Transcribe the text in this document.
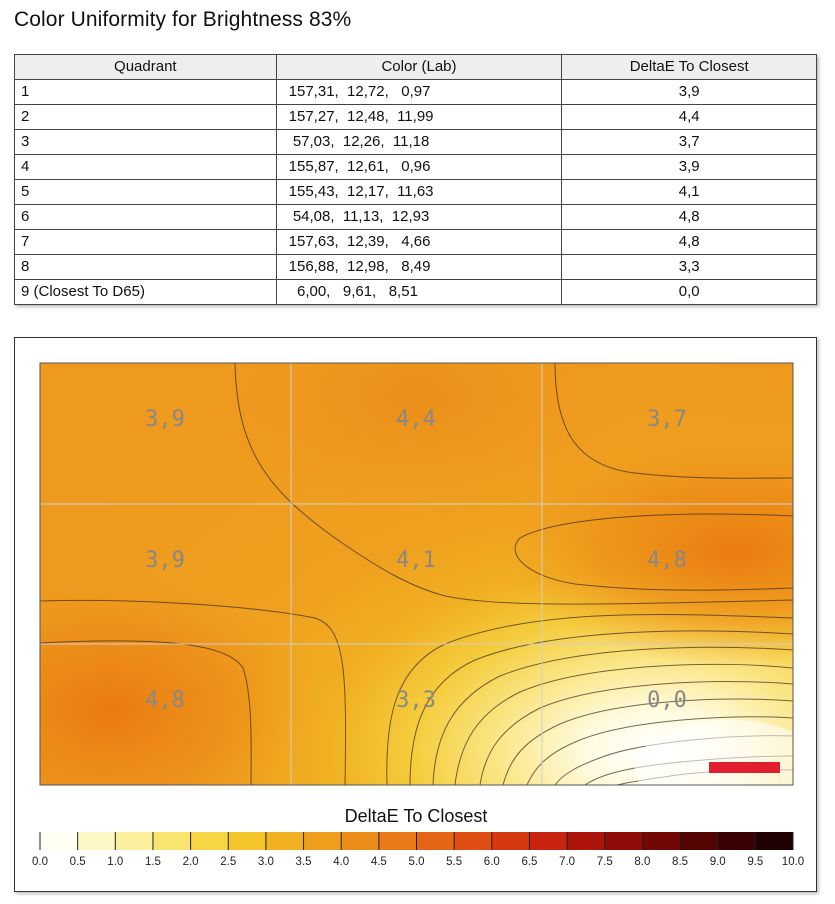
Color Uniformity for Brightness 83%
Quadrant	Color (Lab)	DeltaE To Closest
1	157,31,  12,72,   0,97	3,9
2	157,27,  12,48,  11,99	4,4
3	57,03,  12,26,  11,18	3,7
4	155,87,  12,61,   0,96	3,9
5	155,43,  12,17,  11,63	4,1
6	54,08,  11,13,  12,93	4,8
7	157,63,  12,39,   4,66	4,8
8	156,88,  12,98,   8,49	3,3
9 (Closest To D65)	6,00,   9,61,   8,51	0,0
3,9	4,4	3,7
3,9	4,1	4,8
4,8	3,3	0,0
DeltaE To Closest
0.0 0.5 1.0 1.5 2.0 2.5 3.0 3.5 4.0 4.5 5.0 5.5 6.0 6.5 7.0 7.5 8.0 8.5 9.0 9.5 10.0
